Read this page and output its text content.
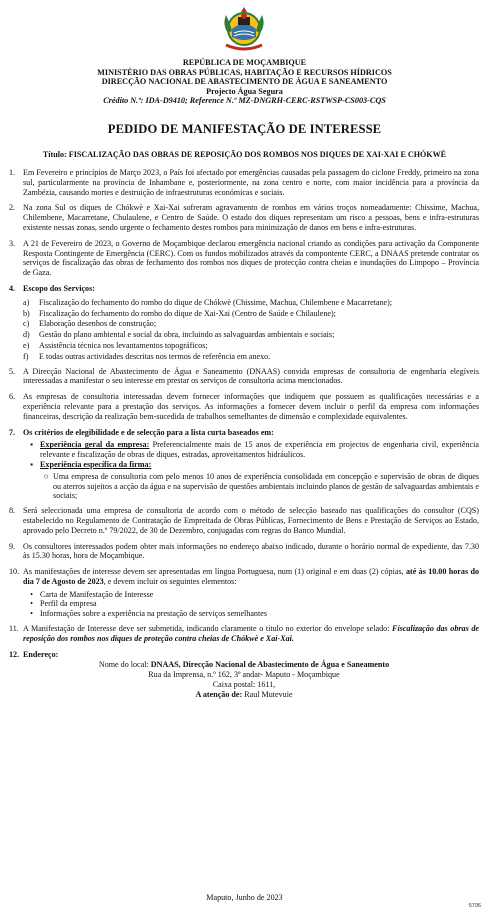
REPÚBLICA DE MOÇAMBIQUE
MINISTÉRIO DAS OBRAS PÚBLICAS, HABITAÇÃO E RECURSOS HÍDRICOS
DIRECÇÃO NACIONAL DE ABASTECIMENTO DE ÁGUA E SANEAMENTO
Projecto Água Segura
Crédito N.º: IDA-D9410; Reference N.º MZ-DNGRH-CERC-RSTWSP-CS003-CQS
PEDIDO DE MANIFESTAÇÃO DE INTERESSE
Título: FISCALIZAÇÃO DAS OBRAS DE REPOSIÇÃO DOS ROMBOS NOS DIQUES DE XAI-XAI E CHÓKWÈ
1. Em Fevereiro e princípios de Março 2023, o País foi afectado por emergências causadas pela passagem do ciclone Freddy, primeiro na zona sul, particularmente na província de Inhambane e, posteriormente, na zona centro e norte, com maior incidência para a província da Zambézia, causando mortes e destruição de infraestruturas económicas e sociais.
2. Na zona Sul os diques de Chókwè e Xai-Xai sofreram agravamento de rombos em vários troços nomeadamente: Chissime, Machua, Chilembene, Macarretane, Chulaulene, e Centro de Saúde. O estado dos diques representam um risco a pessoas, bens e infra-estruturas existente nessas zonas, sendo urgente o fechamento destes rombos para minimização de danos em bens e infra-estruturas.
3. A 21 de Fevereiro de 2023, o Governo de Moçambique declarou emergência nacional criando as condições para activação da Componente Resposta Contingente de Emergência (CERC). Com os fundos mobilizados através da compontente CERC, a DNAAS pretende contratar os serviços de fiscalização das obras de fechamento dos rombos nos diques de protecção contra cheias e inundações do Limpopo – Província de Gaza.
4. Escopo dos Serviços:
a)	Fiscalização do fechamento do rombo do dique de Chókwè (Chissime, Machua, Chilembene e Macarretane);
b)	Fiscalização do fechamento do rombo do dique de Xai-Xai (Centro de Saúde e Chilaulene);
c)	Elaboração desenhos de construção;
d)	Gestão do plano ambiental e social da obra, incluindo as salvaguardas ambientais e sociais;
e)	Assistência técnica nos levantamentos topográficos;
f)	E todas outras actividades descritas nos termos de referência em anexo.
5. A Direcção Nacional de Abastecimento de Água e Saneamento (DNAAS) convida empresas de consultoria de engenharia elegíveis interessadas a manifestar o seu interesse em prestar os serviços de consultoria acima mencionados.
6. As empresas de consultoria interessadas devem fornecer informações que indiquem que possuem as qualificações necessárias e a experiência relevante para a prestação dos serviços. As informações a fornecer devem incluir o perfil da empresa com informações financeiras, descrição da realização bem-sucedida de trabalhos semelhantes de dimensão e complexidade equivalentes.
7. Os critérios de elegibilidade e de selecção para a lista curta baseados em:
▪ Experiência geral da empresa: Preferencialmente mais de 15 anos de experiência em projectos de engenharia civil, experiência relevante e fiscalização de obras de diques, estradas, aproveitamentos hidráulicos.
▪ Experiência específica da firma:
○ Uma empresa de consultoria com pelo menos 10 anos de experiência consolidada em concepção e supervisão de obras de diques ou aterros sujeitos a acção da água e na supervisão de questões ambientais incluindo planos de gestão de salvaguardas ambientais e sociais;
8. Será seleccionada uma empresa de consultoria de acordo com o método de selecção baseado nas qualificações do consultor (CQS) estabelecido no Regulamento de Contratação de Empreitada de Obras Públicas, Fornecimento de Bens e Prestação de Serviços ao Estado, aprovado pelo Decreto n.º 79/2022, de 30 de Dezembro, conjugadas com regras do Banco Mundial.
9. Os consultores interessados podem obter mais informações no endereço abaixo indicado, durante o horário normal de expediente, das 7.30 às 15.30 horas, hora de Moçambique.
10. As manifestações de interesse devem ser apresentadas em língua Portuguesa, num (1) original e em duas (2) cópias, até às 10.00 horas do dia 7 de Agosto de 2023, e devem incluir os seguintes elementos:
• Carta de Manifestação de Interesse
• Perfil da empresa
• Informações sobre a experiência na prestação de serviços semelhantes
11. A Manifestação de Interesse deve ser submetida, indicando claramente o título no exterior do envelope selado: Fiscalização das obras de reposição dos rombos nos diques de proteção contra cheias de Chókwè e Xai-Xai.
12. Endereço:
Nome do local: DNAAS, Direcção Nacional de Abastecimento de Água e Saneamento
Rua da Imprensa, n.º 162, 3º andar- Maputo - Moçambique
Caixa postal: 1611,
A atenção de: Raul Mutevuie
Maputo, Junho de 2023
5706
